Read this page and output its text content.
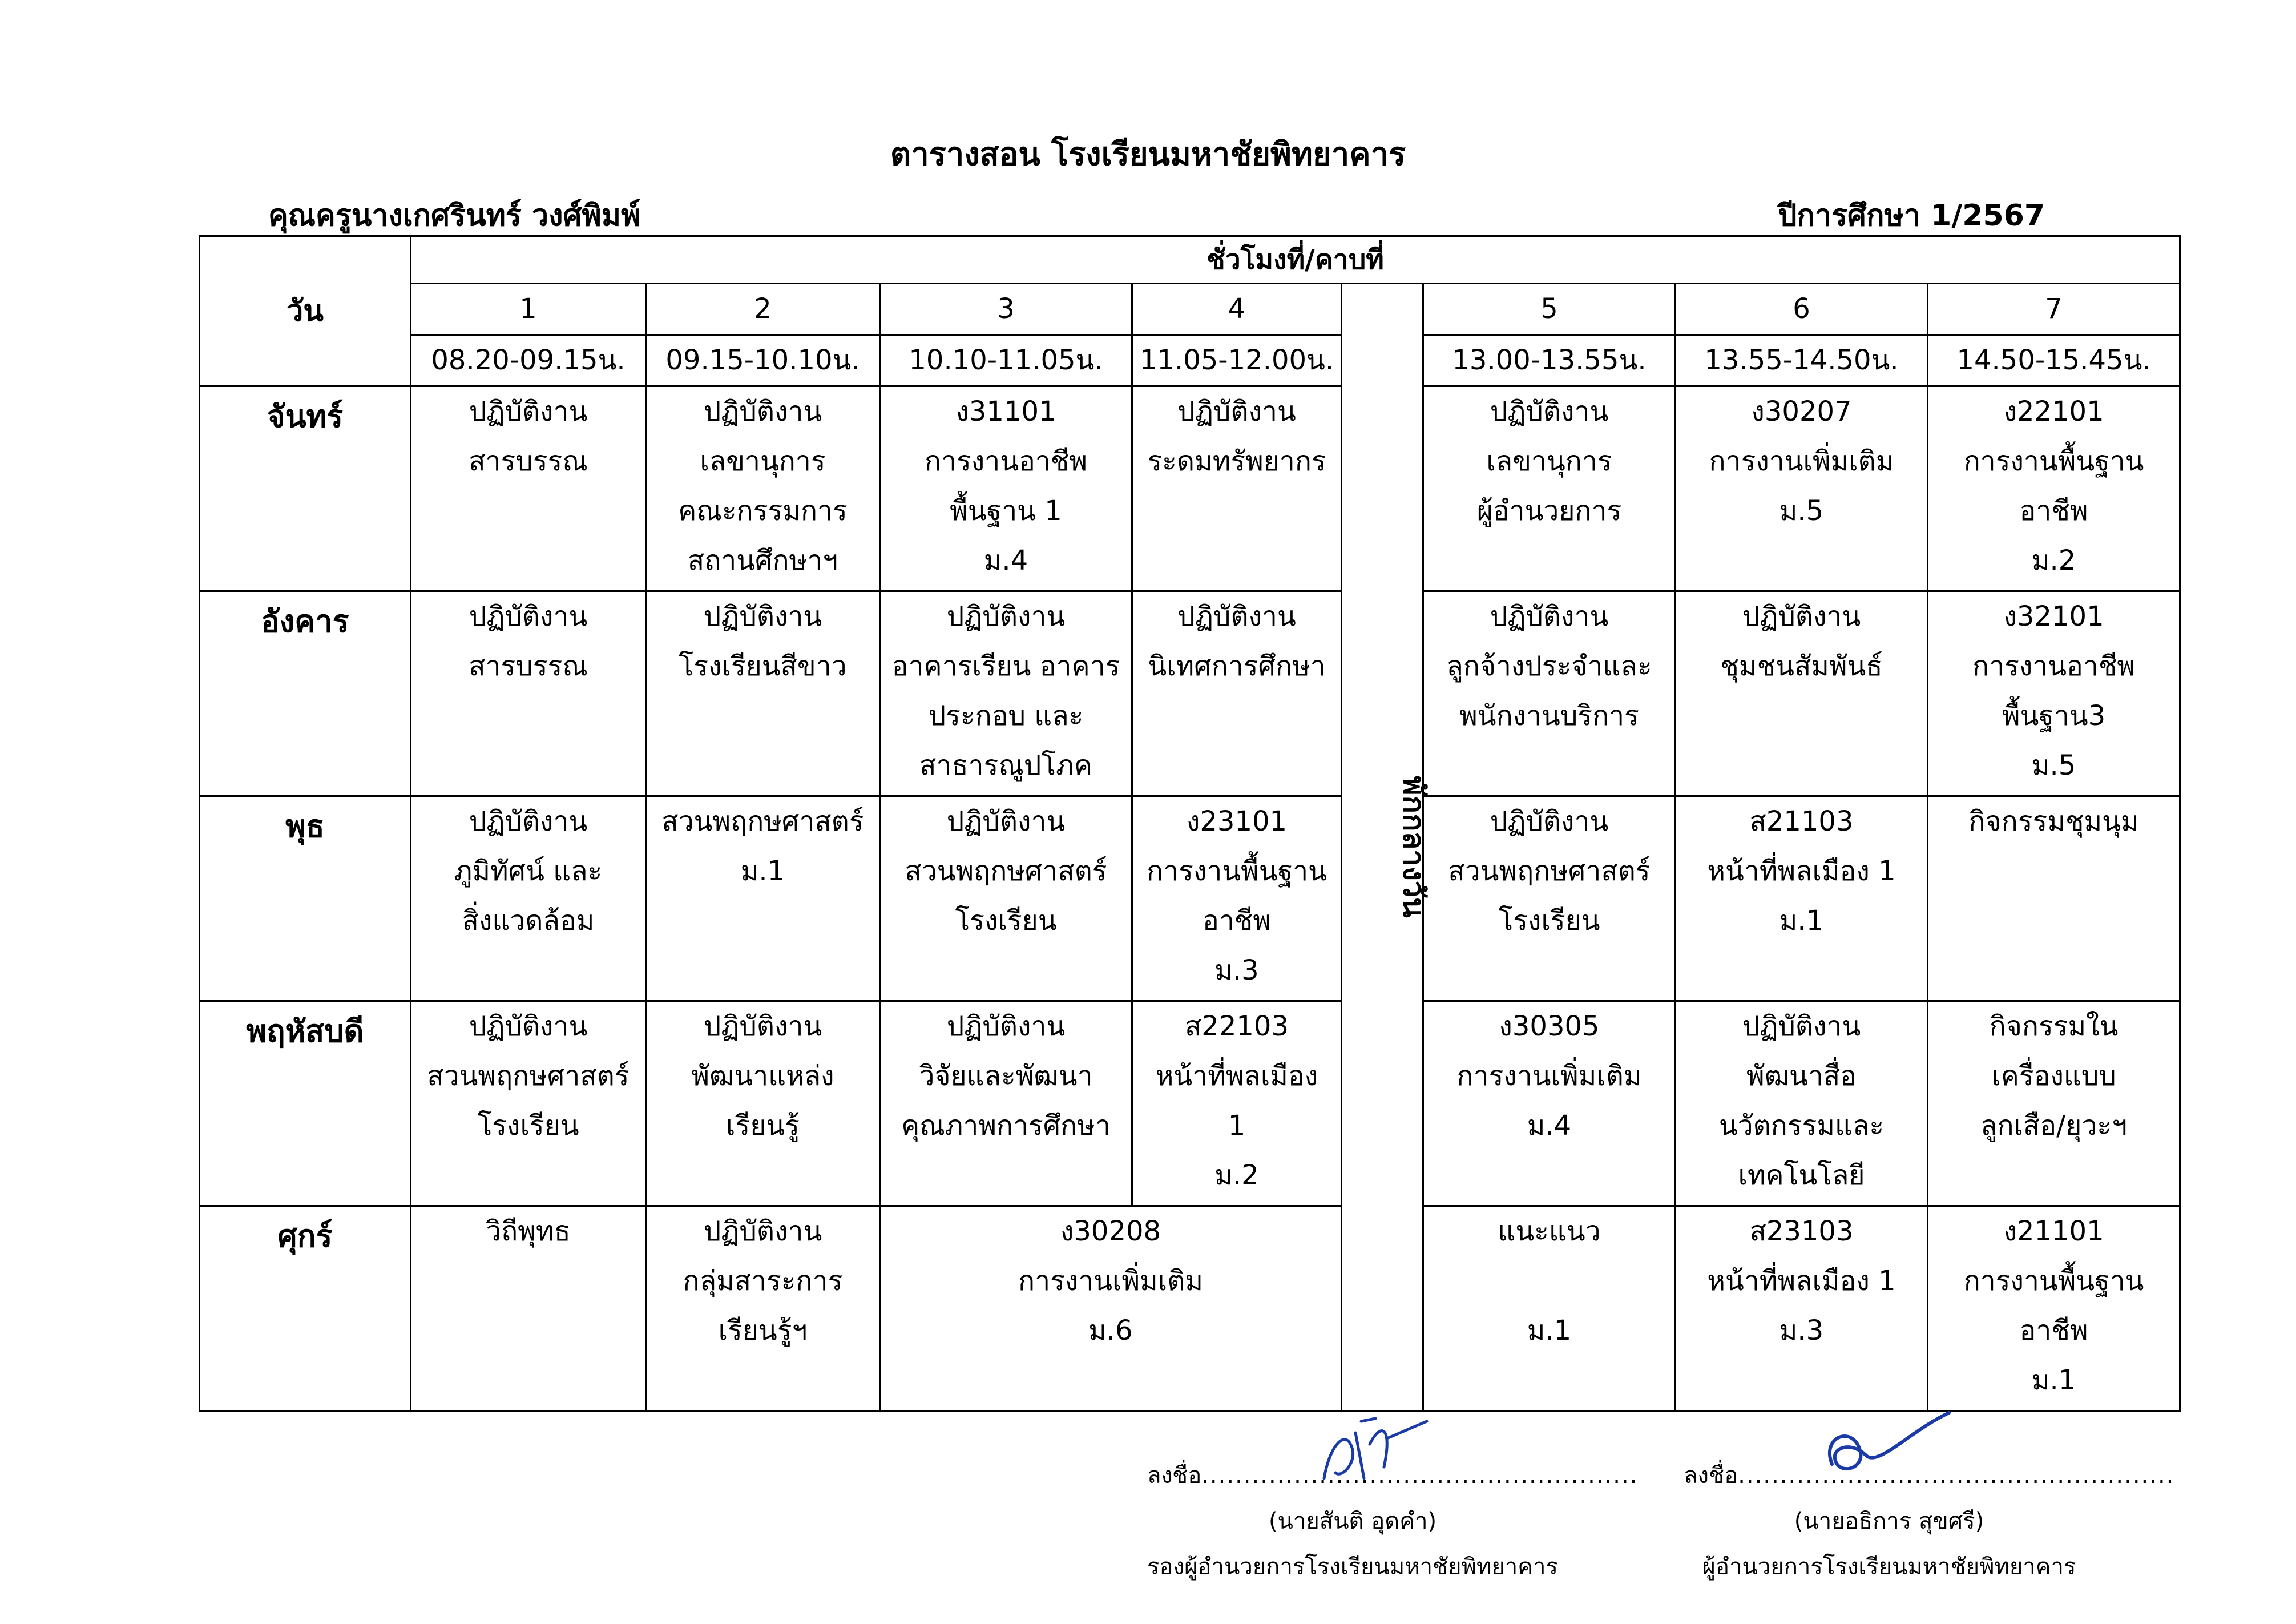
ตารางสอน โรงเรียนมหาชัยพิทยาคาร
คุณครูนางเกศรินทร์ วงศ์พิมพ์	ปีการศึกษา 1/2567
วัน	ชั่วโมงที่/คาบที่							
	1	2	3	4	พักกลางวัน	5	6	7
	08.20-09.15น.	09.15-10.10น.	10.10-11.05น.	11.05-12.00น.		13.00-13.55น.	13.55-14.50น.	14.50-15.45น.
จันทร์	ปฏิบัติงาน
สารบรรณ	ปฏิบัติงาน
เลขานุการ
คณะกรรมการ
สถานศึกษาฯ	ง31101
การงานอาชีพ
พื้นฐาน 1
ม.4	ปฏิบัติงาน
ระดมทรัพยากร		ปฏิบัติงาน
เลขานุการ
ผู้อำนวยการ	ง30207
การงานเพิ่มเติม
ม.5	ง22101
การงานพื้นฐาน
อาชีพ
ม.2

อังคาร	ปฏิบัติงาน
สารบรรณ	ปฏิบัติงาน
โรงเรียนสีขาว	ปฏิบัติงาน
อาคารเรียน อาคาร
ประกอบ และ
สาธารณูปโภค	ปฏิบัติงาน
นิเทศการศึกษา		ปฏิบัติงาน
ลูกจ้างประจำและ
พนักงานบริการ	ปฏิบัติงาน
ชุมชนสัมพันธ์	ง32101
การงานอาชีพ
พื้นฐาน3
ม.5

พุธ	ปฏิบัติงาน
ภูมิทัศน์ และ
สิ่งแวดล้อม	สวนพฤกษศาสตร์
ม.1	ปฏิบัติงาน
สวนพฤกษศาสตร์
โรงเรียน	ง23101
การงานพื้นฐาน
อาชีพ
ม.3		ปฏิบัติงาน
สวนพฤกษศาสตร์
โรงเรียน	ส21103
หน้าที่พลเมือง 1
ม.1	กิจกรรมชุมนุม

พฤหัสบดี	ปฏิบัติงาน
สวนพฤกษศาสตร์
โรงเรียน	ปฏิบัติงาน
พัฒนาแหล่ง
เรียนรู้	ปฏิบัติงาน
วิจัยและพัฒนา
คุณภาพการศึกษา	ส22103
หน้าที่พลเมือง
1
ม.2		ง30305
การงานเพิ่มเติม
ม.4	ปฏิบัติงาน
พัฒนาสื่อ
นวัตกรรมและ
เทคโนโลยี	กิจกรรมใน
เครื่องแบบ
ลูกเสือ/ยุวะฯ

ศุกร์	วิถีพุทธ	ปฏิบัติงาน
กลุ่มสาระการ
เรียนรู้ฯ	ง30208
การงานเพิ่มเติม
ม.6			แนะแนว
ม.1	ส23103
หน้าที่พลเมือง 1
ม.3	ง21101
การงานพื้นฐาน
อาชีพ
ม.1
ลงชื่อ....................................................
(นายสันติ อุดคำ)
รองผู้อำนวยการโรงเรียนมหาชัยพิทยาคาร
ลงชื่อ....................................................
(นายอธิการ สุขศรี)
ผู้อำนวยการโรงเรียนมหาชัยพิทยาคาร
